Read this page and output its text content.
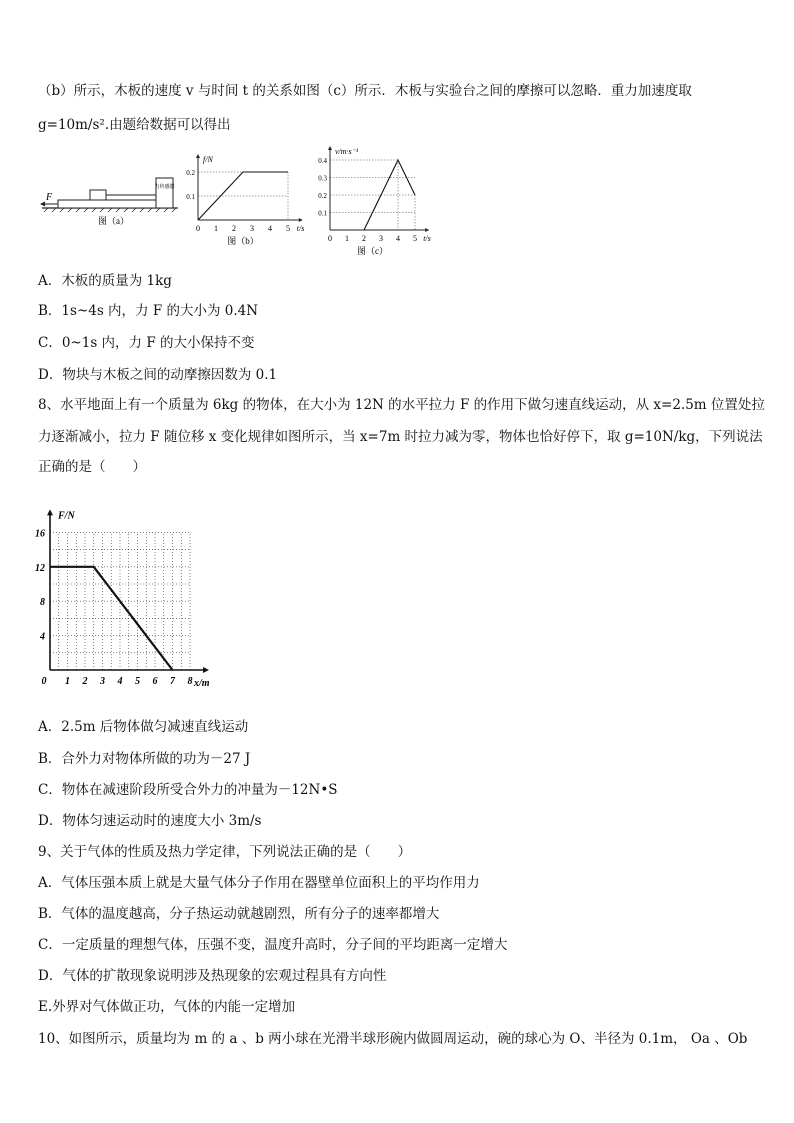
（b）所示，木板的速度 v 与时间 t 的关系如图（c）所示．木板与实验台之间的摩擦可以忽略．重力加速度取
g=10m/s².由题给数据可以得出
力传感器
F
图（a）
0 1 2 3 4 5
0.1
0.2
f/N
t/s
图（b）	0 1 2 3 4 5
0.1
0.2
0.3
0.4
v/m·s⁻¹
t/s
图（c）
A．木板的质量为 1kg
B．1s~4s 内，力 F 的大小为 0.4N
C．0~1s 内，力 F 的大小保持不变
D．物块与木板之间的动摩擦因数为 0.1
8、水平地面上有一个质量为 6kg 的物体，在大小为 12N 的水平拉力 F 的作用下做匀速直线运动，从 x=2.5m 位置处拉
力逐渐减小，拉力 F 随位移 x 变化规律如图所示，当 x=7m 时拉力减为零，物体也恰好停下，取 g=10N/kg，下列说法
正确的是（　　）
0 1 2 3 4 5 6 7 8
4
8
12
16
F/N
x/m
A．2.5m 后物体做匀减速直线运动
B．合外力对物体所做的功为－27 J
C．物体在减速阶段所受合外力的冲量为－12N•S
D．物体匀速运动时的速度大小 3m/s
9、关于气体的性质及热力学定律，下列说法正确的是（　　）
A．气体压强本质上就是大量气体分子作用在器壁单位面积上的平均作用力
B．气体的温度越高，分子热运动就越剧烈，所有分子的速率都增大
C．一定质量的理想气体，压强不变，温度升高时，分子间的平均距离一定增大
D．气体的扩散现象说明涉及热现象的宏观过程具有方向性
E.外界对气体做正功，气体的内能一定增加
10、如图所示，质量均为 m 的 a 、b 两小球在光滑半球形碗内做圆周运动，碗的球心为 O、半径为 0.1m， Oa 、Ob
